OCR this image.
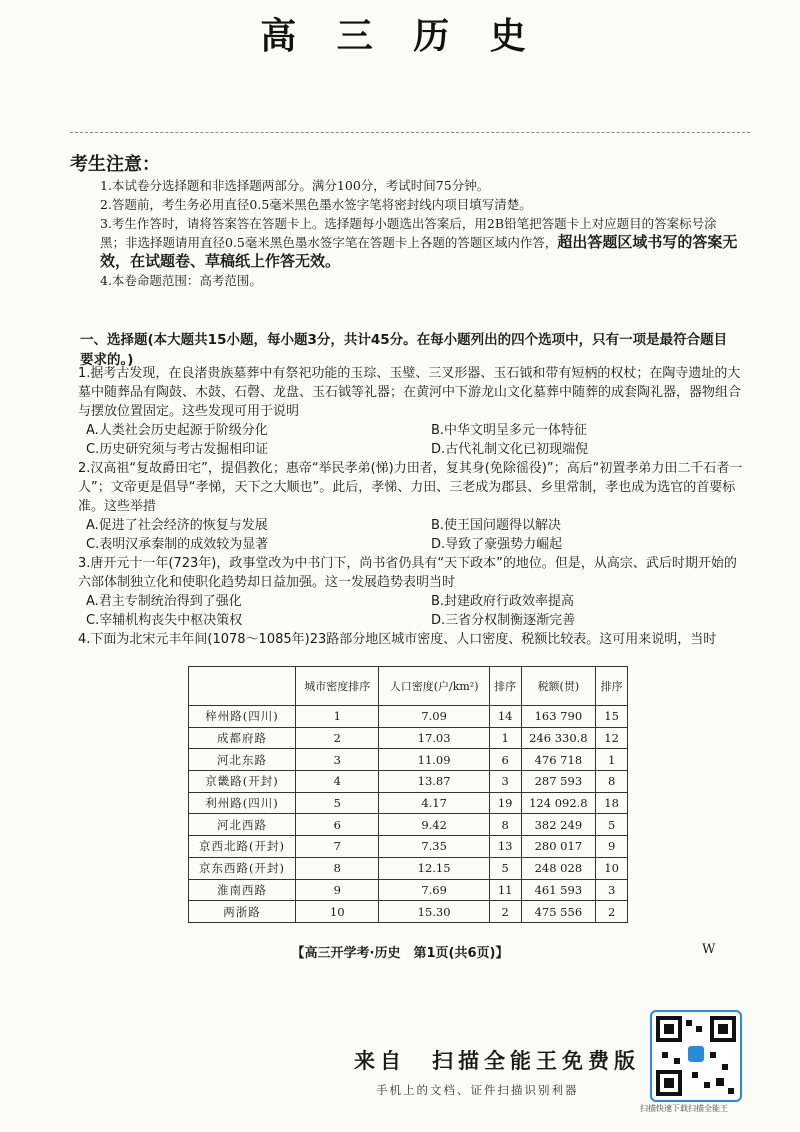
高 三 历 史
考生注意：

1.本试卷分选择题和非选择题两部分。满分100分，考试时间75分钟。

2.答题前，考生务必用直径0.5毫米黑色墨水签字笔将密封线内项目填写清楚。

3.考生作答时，请将答案答在答题卡上。选择题每小题选出答案后，用2B铅笔把答题卡上对应题目的答案标号涂黑；非选择题请用直径0.5毫米黑色墨水签字笔在答题卡上各题的答题区域内作答，超出答题区域书写的答案无效，在试题卷、草稿纸上作答无效。

4.本卷命题范围：高考范围。

一、选择题(本大题共15小题，每小题3分，共计45分。在每小题列出的四个选项中，只有一项是最符合题目要求的。)

1.据考古发现，在良渚贵族墓葬中有祭祀功能的玉琮、玉璧、三叉形器、玉石钺和带有短柄的权杖；在陶寺遗址的大墓中随葬品有陶鼓、木鼓、石磬、龙盘、玉石钺等礼器；在黄河中下游龙山文化墓葬中随葬的成套陶礼器，器物组合与摆放位置固定。这些发现可用于说明

A.人类社会历史起源于阶级分化	B.中华文明呈多元一体特征
C.历史研究须与考古发掘相印证	D.古代礼制文化已初现端倪

2.汉高祖“复故爵田宅”，提倡教化；惠帝“举民孝弟(悌)力田者，复其身(免除徭役)”；高后“初置孝弟力田二千石者一人”；文帝更是倡导“孝悌，天下之大顺也”。此后，孝悌、力田、三老成为郡县、乡里常制，孝也成为选官的首要标准。这些举措

A.促进了社会经济的恢复与发展	B.使王国问题得以解决
C.表明汉承秦制的成效较为显著	D.导致了豪强势力崛起

3.唐开元十一年(723年)，政事堂改为中书门下，尚书省仍具有“天下政本”的地位。但是，从高宗、武后时期开始的六部体制独立化和使职化趋势却日益加强。这一发展趋势表明当时

A.君主专制统治得到了强化	B.封建政府行政效率提高
C.宰辅机构丧失中枢决策权	D.三省分权制衡逐渐完善

4.下面为北宋元丰年间(1078～1085年)23路部分地区城市密度、人口密度、税额比较表。这可用来说明，当时

	城市密度排序	人口密度(户/km²)	排序	税额(贯)	排序
梓州路(四川)	1	7.09	14	163 790	15
成都府路	2	17.03	1	246 330.8	12
河北东路	3	11.09	6	476 718	1
京畿路(开封)	4	13.87	3	287 593	8
利州路(四川)	5	4.17	19	124 092.8	18
河北西路	6	9.42	8	382 249	5
京西北路(开封)	7	7.35	13	280 017	9
京东西路(开封)	8	12.15	5	248 028	10
淮南西路	9	7.69	11	461 593	3
两浙路	10	15.30	2	475 556	2
【高三开学考·历史　第1页(共6页)】	W
来自　扫描全能王免费版
手机上的文档、证件扫描识别利器
扫描快速下载扫描全能王
